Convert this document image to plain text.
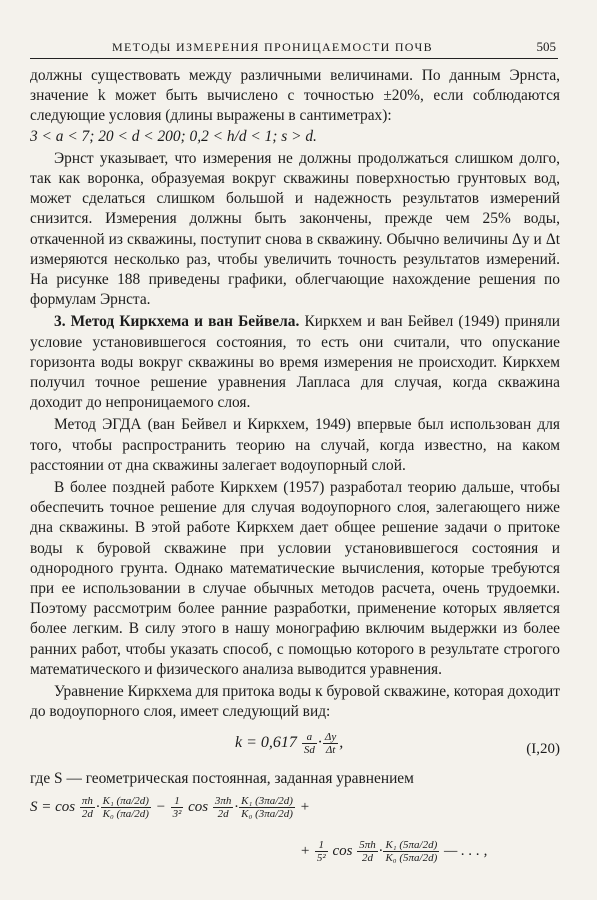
МЕТОДЫ ИЗМЕРЕНИЯ ПРОНИЦАЕМОСТИ ПОЧВ	505

должны существовать между различными величинами. По данным Эрнста, значение k может быть вычислено с точностью ±20%, если соблюдаются следующие условия (длины выражены в сантиметрах):
3 < a < 7; 20 < d < 200; 0,2 < h/d < 1; s > d.

Эрнст указывает, что измерения не должны продолжаться слишком долго, так как воронка, образуемая вокруг скважины поверхностью грунтовых вод, может сделаться слишком большой и надежность результатов измерений снизится. Измерения должны быть закончены, прежде чем 25% воды, откаченной из скважины, поступит снова в скважину. Обычно величины Δy и Δt измеряются несколько раз, чтобы увеличить точность результатов измерений. На рисунке 188 приведены графики, облегчающие нахождение решения по формулам Эрнста.

3. Метод Киркхема и ван Бейвела. Киркхем и ван Бейвел (1949) приняли условие установившегося состояния, то есть они считали, что опускание горизонта воды вокруг скважины во время измерения не происходит. Киркхем получил точное решение уравнения Лапласа для случая, когда скважина доходит до непроницаемого слоя.

Метод ЭГДА (ван Бейвел и Киркхем, 1949) впервые был использован для того, чтобы распространить теорию на случай, когда известно, на каком расстоянии от дна скважины залегает водоупорный слой.

В более поздней работе Киркхем (1957) разработал теорию дальше, чтобы обеспечить точное решение для случая водоупорного слоя, залегающего ниже дна скважины. В этой работе Киркхем дает общее решение задачи о притоке воды к буровой скважине при условии установившегося состояния и однородного грунта. Однако математические вычисления, которые требуются при ее использовании в случае обычных методов расчета, очень трудоемки. Поэтому рассмотрим более ранние разработки, применение которых является более легким. В силу этого в нашу монографию включим выдержки из более ранних работ, чтобы указать способ, с помощью которого в результате строгого математического и физического анализа выводится уравнения.

Уравнение Киркхема для притока воды к буровой скважине, которая доходит до водоупорного слоя, имеет следующий вид:

$k = 0,617 \frac{a}{Sd} \cdot \frac{\Delta y}{\Delta t}$ ,	(I,20)

где S — геометрическая постоянная, заданная уравнением

$S = \cos \frac{\pi h}{2d} \cdot \frac{\text{K₁ (πa/2d)}}{\text{K₀ (πa/2d)}} - \frac{1}{\text{3²}}$ $\cos \frac{3\pi h}{2d} \cdot \frac{\text{K₁ (3πa/2d)}}{\text{K₀ (3πa/2d)}}$ +
+ $\frac{1}{\text{5²}}$ $\cos \frac{5\pi h}{2d} \cdot \frac{\text{K₁ (5πa/2d)}}{\text{K₀ (5πa/2d)}}$ — . . . ,
